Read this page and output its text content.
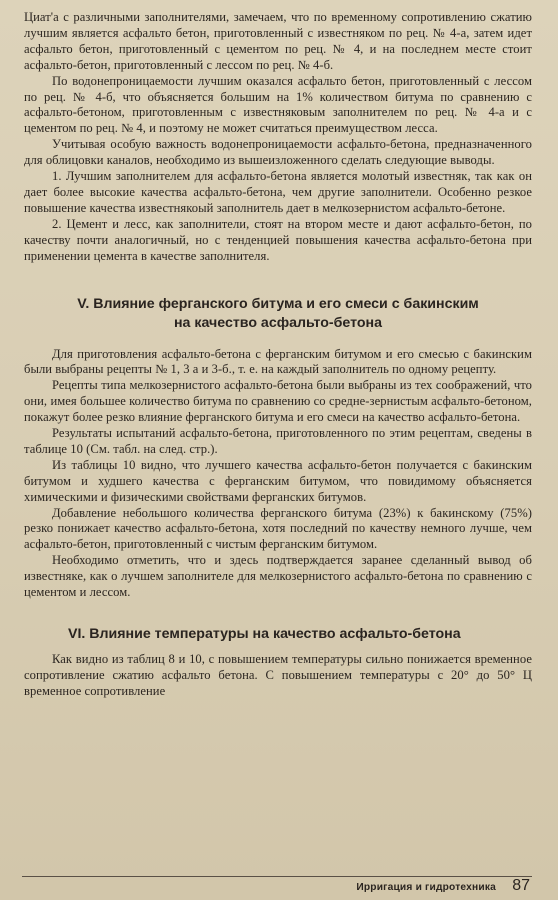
Циат'а с различными заполнителями, замечаем, что по временному сопротивлению сжатию лучшим является асфальто бетон, приготовленный с известняком по рец. № 4-а, затем идет асфальто бетон, приготовленный с цементом по рец. № 4, и на последнем месте стоит асфальто-бетон, приготовленный с лессом по рец. № 4-б.

По водонепроницаемости лучшим оказался асфальто бетон, приготовленный с лессом по рец. № 4-б, что объясняется большим на 1% количеством битума по сравнению с асфальто-бетоном, приготовленным с известняковым заполнителем по рец. № 4-а и с цементом по рец. № 4, и поэтому не может считаться преимуществом лесса.

Учитывая особую важность водонепроницаемости асфальто-бетона, предназначенного для облицовки каналов, необходимо из вышеизложенного сделать следующие выводы.

1. Лучшим заполнителем для асфальто-бетона является молотый известняк, так как он дает более высокие качества асфальто-бетона, чем другие заполнители. Особенно резкое повышение качества известнякоый заполнитель дает в мелкозернистом асфальто-бетоне.

2. Цемент и лесс, как заполнители, стоят на втором месте и дают асфальто-бетон, по качеству почти аналогичный, но с тенденцией повышения качества асфальто-бетона при применении цемента в качестве заполнителя.

V. Влияние ферганского битума и его смеси с бакинским
на качество асфальто-бетона

Для приготовления асфальто-бетона с ферганским битумом и его смесью с бакинским были выбраны рецепты № 1, 3 а и 3-б., т. е. на каждый заполнитель по одному рецепту.

Рецепты типа мелкозернистого асфальто-бетона были выбраны из тех соображений, что они, имея большее количество битума по сравнению со средне-зернистым асфальто-бетоном, покажут более резко влияние ферганского битума и его смеси на качество асфальто-бетона.

Результаты испытаний асфальто-бетона, приготовленного по этим рецептам, сведены в таблице 10 (См. табл. на след. стр.).

Из таблицы 10 видно, что лучшего качества асфальто-бетон получается с бакинским битумом и худшего качества с ферганским битумом, что повидимому объясняется химическими и физическими свойствами ферганских битумов.

Добавление небольшого количества ферганского битума (23%) к бакинскому (75%) резко понижает качество асфальто-бетона, хотя последний по качеству немного лучше, чем асфальто-бетон, приготовленный с чистым ферганским битумом.

Необходимо отметить, что и здесь подтверждается заранее сделанный вывод об известняке, как о лучшем заполнителе для мелкозернистого асфальто-бетона по сравнению с цементом и лессом.

VI. Влияние температуры на качество асфальто-бетона

Как видно из таблиц 8 и 10, с повышением температуры сильно понижается временное сопротивление сжатию асфальто бетона. С повышением температуры с 20° до 50° Ц временное сопротивление

Ирригация и гидротехника 87
